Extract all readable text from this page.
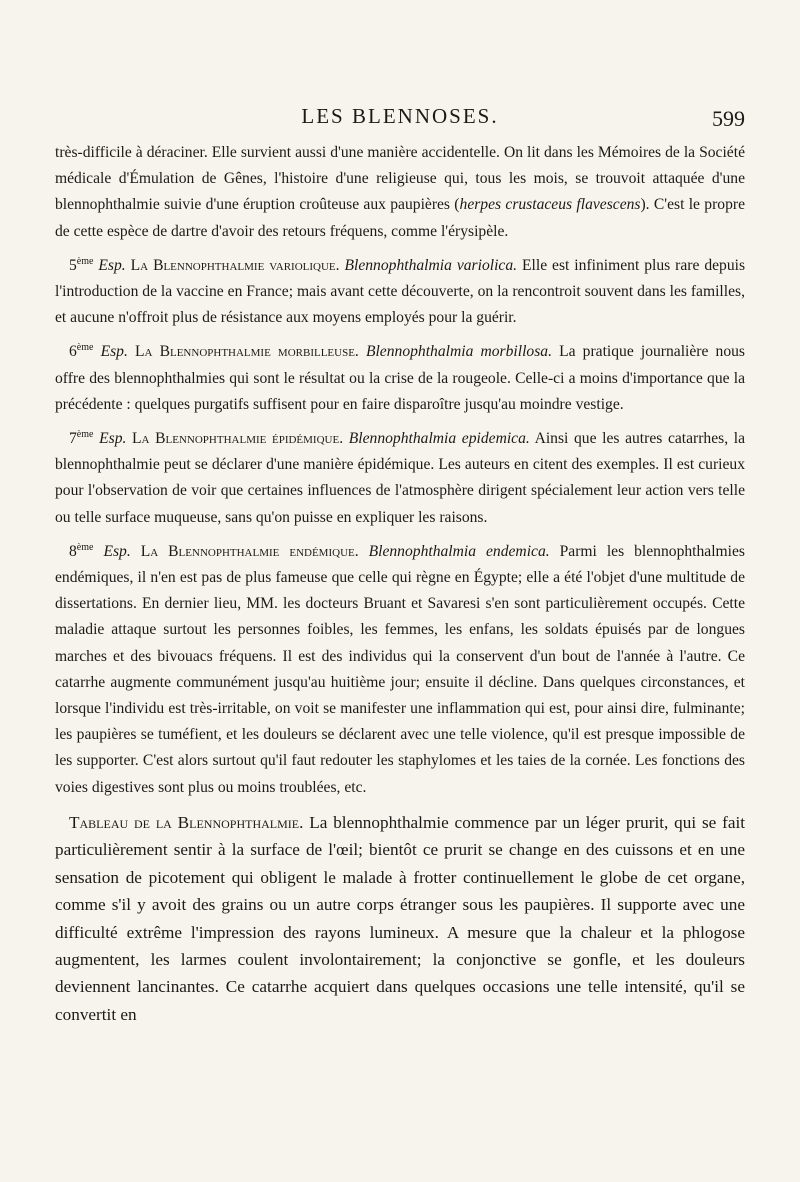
LES BLENNOSES.	599

très-difficile à déraciner. Elle survient aussi d'une manière accidentelle. On lit dans les Mémoires de la Société médicale d'Émulation de Gênes, l'histoire d'une religieuse qui, tous les mois, se trouvoit attaquée d'une blennophthalmie suivie d'une éruption croûteuse aux paupières (herpes crustaceus flavescens). C'est le propre de cette espèce de dartre d'avoir des retours fréquens, comme l'érysipèle.

5ème Esp. La Blennophthalmie variolique. Blennophthalmia variolica. Elle est infiniment plus rare depuis l'introduction de la vaccine en France; mais avant cette découverte, on la rencontroit souvent dans les familles, et aucune n'offroit plus de résistance aux moyens employés pour la guérir.

6ème Esp. La Blennophthalmie morbilleuse. Blennophthalmia morbillosa. La pratique journalière nous offre des blennophthalmies qui sont le résultat ou la crise de la rougeole. Celle-ci a moins d'importance que la précédente : quelques purgatifs suffisent pour en faire disparoître jusqu'au moindre vestige.

7ème Esp. La Blennophthalmie épidémique. Blennophthalmia epidemica. Ainsi que les autres catarrhes, la blennophthalmie peut se déclarer d'une manière épidémique. Les auteurs en citent des exemples. Il est curieux pour l'observation de voir que certaines influences de l'atmosphère dirigent spécialement leur action vers telle ou telle surface muqueuse, sans qu'on puisse en expliquer les raisons.

8ème Esp. La Blennophthalmie endémique. Blennophthalmia endemica. Parmi les blennophthalmies endémiques, il n'en est pas de plus fameuse que celle qui règne en Égypte; elle a été l'objet d'une multitude de dissertations. En dernier lieu, MM. les docteurs Bruant et Savaresi s'en sont particulièrement occupés. Cette maladie attaque surtout les personnes foibles, les femmes, les enfans, les soldats épuisés par de longues marches et des bivouacs fréquens. Il est des individus qui la conservent d'un bout de l'année à l'autre. Ce catarrhe augmente communément jusqu'au huitième jour; ensuite il décline. Dans quelques circonstances, et lorsque l'individu est très-irritable, on voit se manifester une inflammation qui est, pour ainsi dire, fulminante; les paupières se tuméfient, et les douleurs se déclarent avec une telle violence, qu'il est presque impossible de les supporter. C'est alors surtout qu'il faut redouter les staphylomes et les taies de la cornée. Les fonctions des voies digestives sont plus ou moins troublées, etc.

Tableau de la Blennophthalmie. La blennophthalmie commence par un léger prurit, qui se fait particulièrement sentir à la surface de l'œil; bientôt ce prurit se change en des cuissons et en une sensation de picotement qui obligent le malade à frotter continuellement le globe de cet organe, comme s'il y avoit des grains ou un autre corps étranger sous les paupières. Il supporte avec une difficulté extrême l'impression des rayons lumineux. A mesure que la chaleur et la phlogose augmentent, les larmes coulent involontairement; la conjonctive se gonfle, et les douleurs deviennent lancinantes. Ce catarrhe acquiert dans quelques occasions une telle intensité, qu'il se convertit en
